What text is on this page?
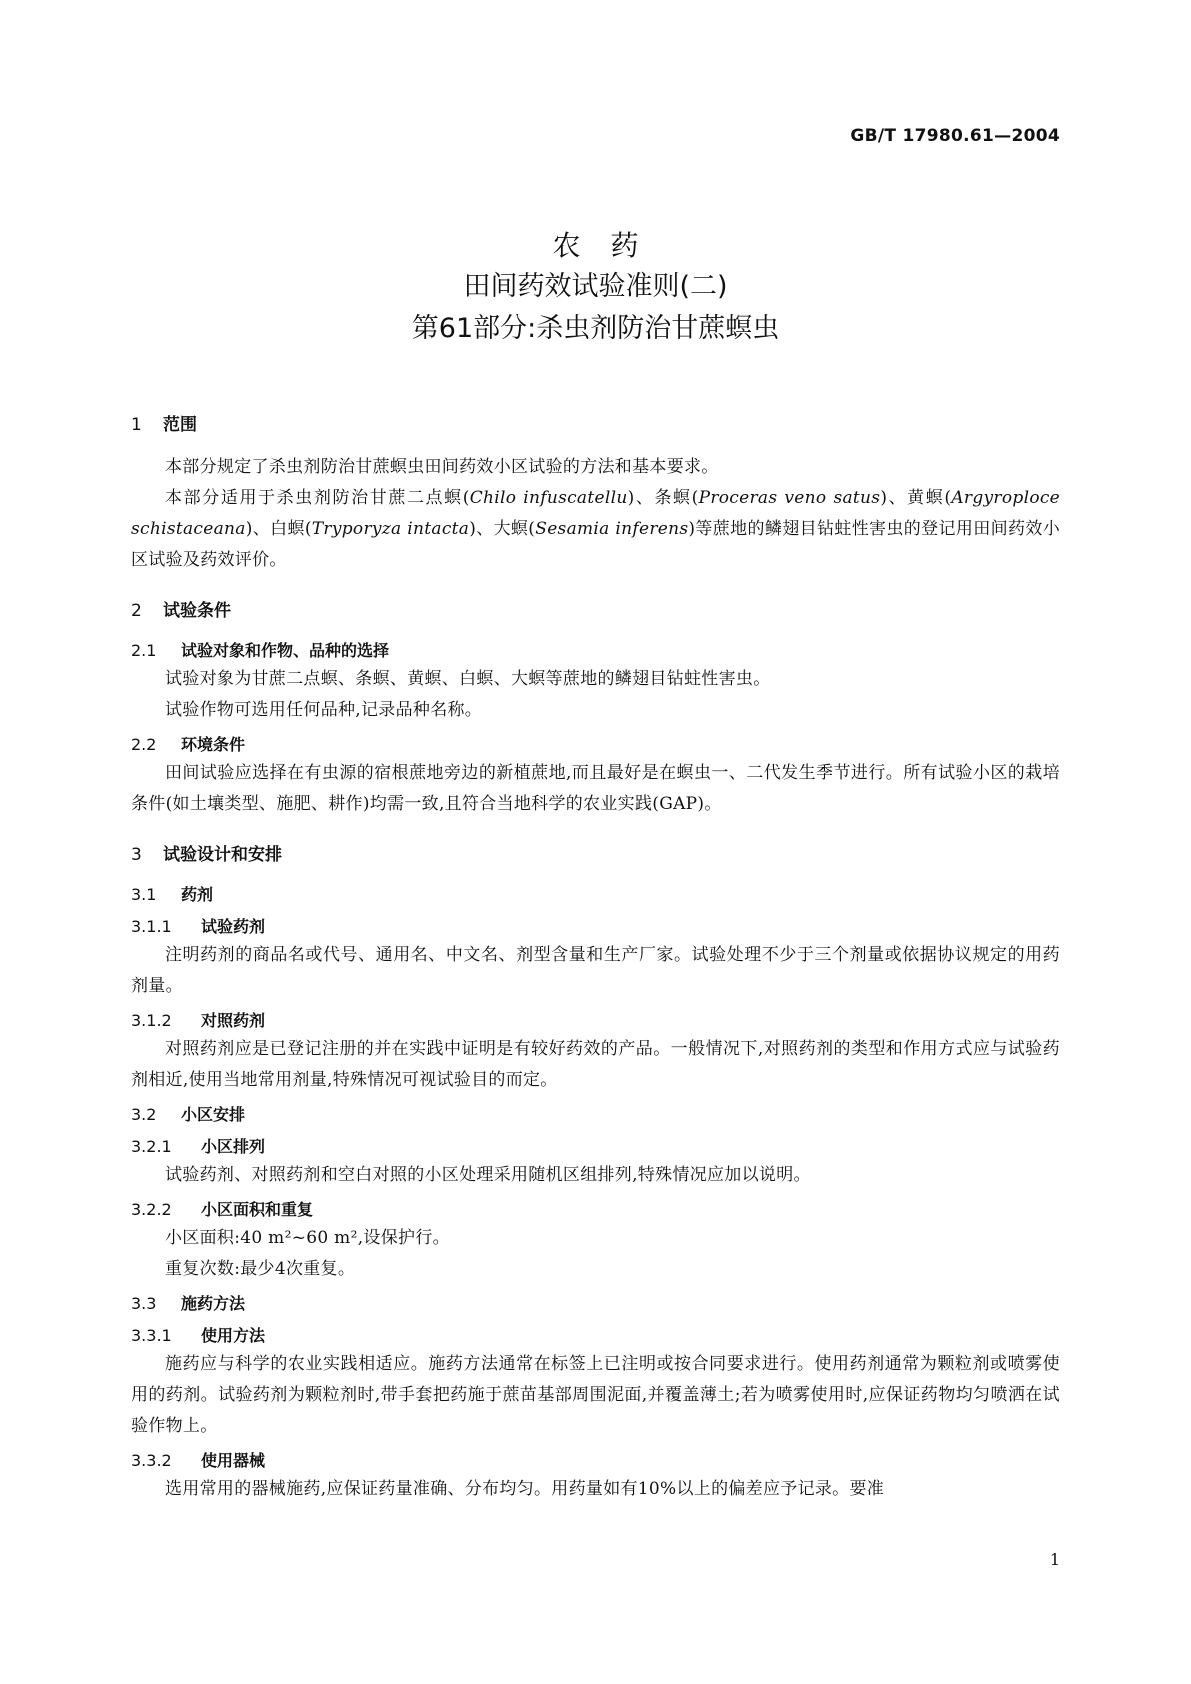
GB/T 17980.61—2004
农药
田间药效试验准则(二)
第61部分:杀虫剂防治甘蔗螟虫
1 范围

本部分规定了杀虫剂防治甘蔗螟虫田间药效小区试验的方法和基本要求。

本部分适用于杀虫剂防治甘蔗二点螟(Chilo infuscatellu)、条螟(Proceras veno satus)、黄螟(Argyroploce schistaceana)、白螟(Tryporyza intacta)、大螟(Sesamia inferens)等蔗地的鳞翅目钻蛀性害虫的登记用田间药效小区试验及药效评价。

2 试验条件
2.1 试验对象和作物、品种的选择

试验对象为甘蔗二点螟、条螟、黄螟、白螟、大螟等蔗地的鳞翅目钻蛀性害虫。

试验作物可选用任何品种,记录品种名称。

2.2 环境条件

田间试验应选择在有虫源的宿根蔗地旁边的新植蔗地,而且最好是在螟虫一、二代发生季节进行。所有试验小区的栽培条件(如土壤类型、施肥、耕作)均需一致,且符合当地科学的农业实践(GAP)。

3 试验设计和安排
3.1 药剂
3.1.1 试验药剂

注明药剂的商品名或代号、通用名、中文名、剂型含量和生产厂家。试验处理不少于三个剂量或依据协议规定的用药剂量。

3.1.2 对照药剂

对照药剂应是已登记注册的并在实践中证明是有较好药效的产品。一般情况下,对照药剂的类型和作用方式应与试验药剂相近,使用当地常用剂量,特殊情况可视试验目的而定。

3.2 小区安排
3.2.1 小区排列

试验药剂、对照药剂和空白对照的小区处理采用随机区组排列,特殊情况应加以说明。

3.2.2 小区面积和重复

小区面积:40 m²~60 m²,设保护行。

重复次数:最少4次重复。

3.3 施药方法
3.3.1 使用方法

施药应与科学的农业实践相适应。施药方法通常在标签上已注明或按合同要求进行。使用药剂通常为颗粒剂或喷雾使用的药剂。试验药剂为颗粒剂时,带手套把药施于蔗苗基部周围泥面,并覆盖薄土;若为喷雾使用时,应保证药物均匀喷洒在试验作物上。

3.3.2 使用器械

选用常用的器械施药,应保证药量准确、分布均匀。用药量如有10%以上的偏差应予记录。要准

1
